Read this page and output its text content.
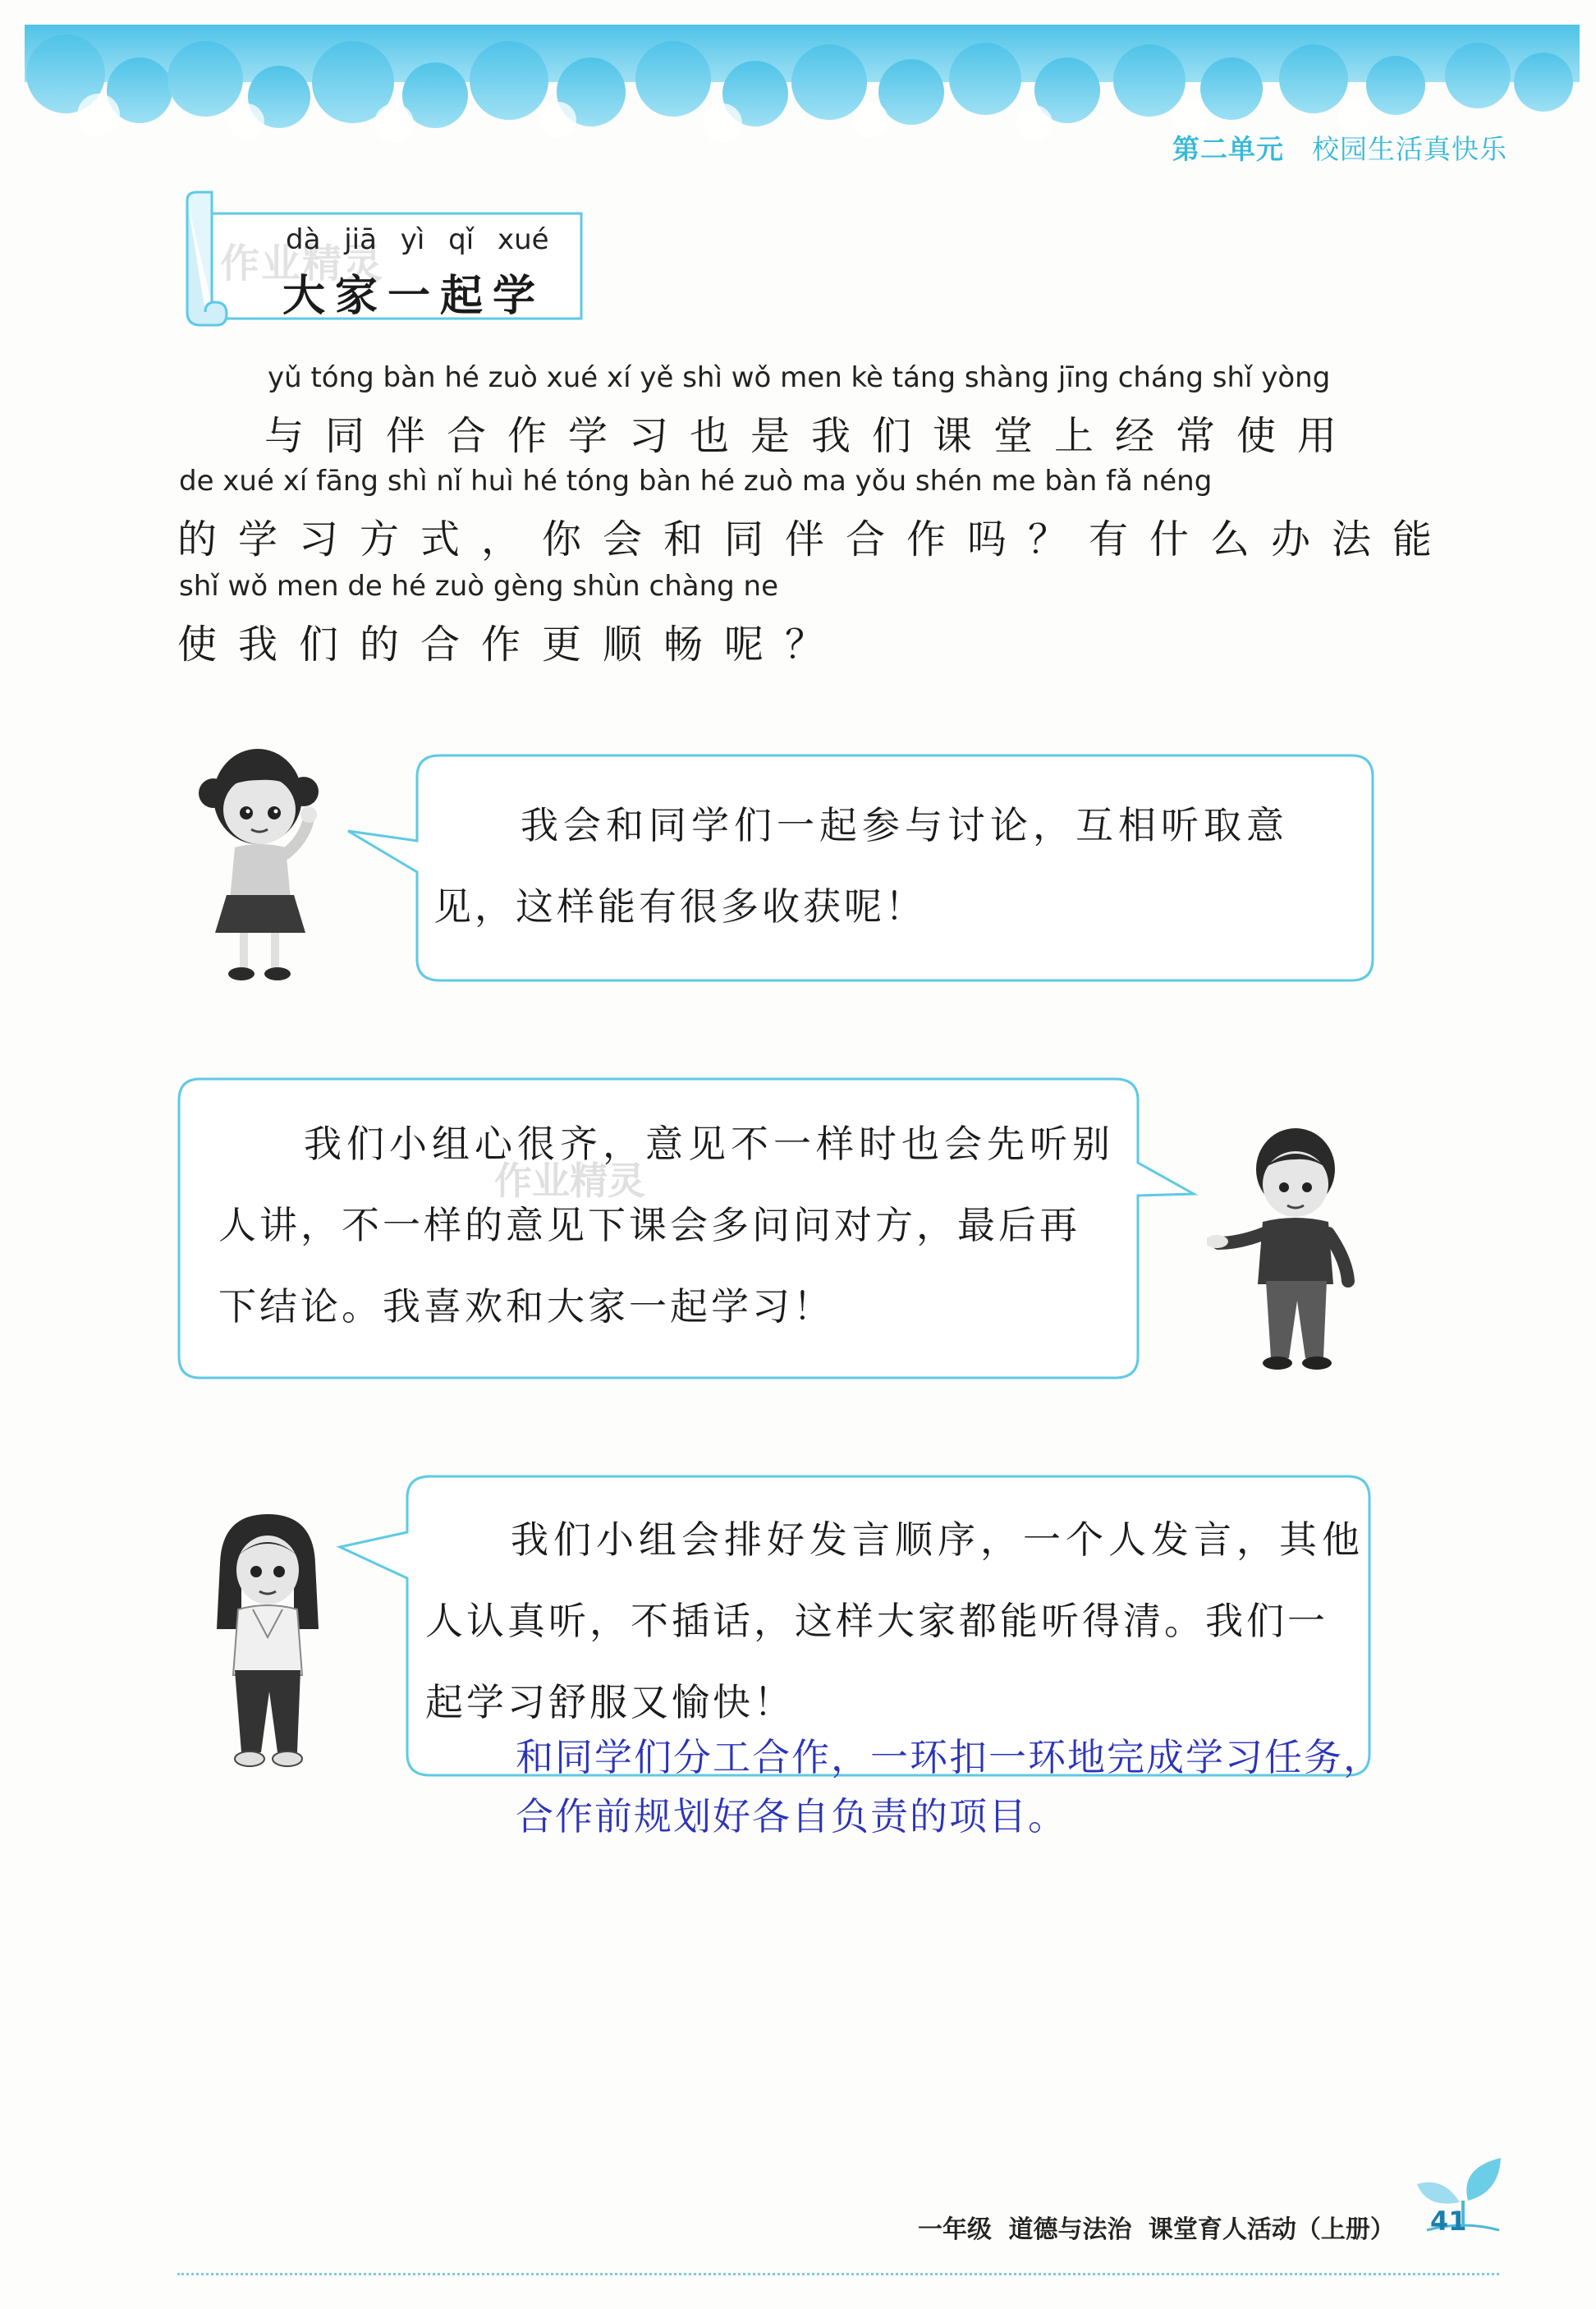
第二单元 校园生活真快乐
作业精灵
dà jiā yì qǐ xué
大家一起学
yǔ tóng bàn hé zuò xué xí yě shì wǒ men kè táng shàng jīng cháng shǐ yòng
与同伴合作学习也是我们课堂上经常使用
de xué xí fāng shì nǐ huì hé tóng bàn hé zuò ma yǒu shén me bàn fǎ néng
的学习方式，你会和同伴合作吗？有什么办法能
shǐ wǒ men de hé zuò gèng shùn chàng ne
使我们的合作更顺畅呢？
我会和同学们一起参与讨论，互相听取意
见，这样能有很多收获呢！
作业精灵
我们小组心很齐，意见不一样时也会先听别
人讲，不一样的意见下课会多问问对方，最后再
下结论。我喜欢和大家一起学习！
我们小组会排好发言顺序，一个人发言，其他
人认真听，不插话，这样大家都能听得清。我们一
起学习舒服又愉快！
和同学们分工合作，一环扣一环地完成学习任务，
合作前规划好各自负责的项目。
一年级 道德与法治 课堂育人活动（上册） 41
